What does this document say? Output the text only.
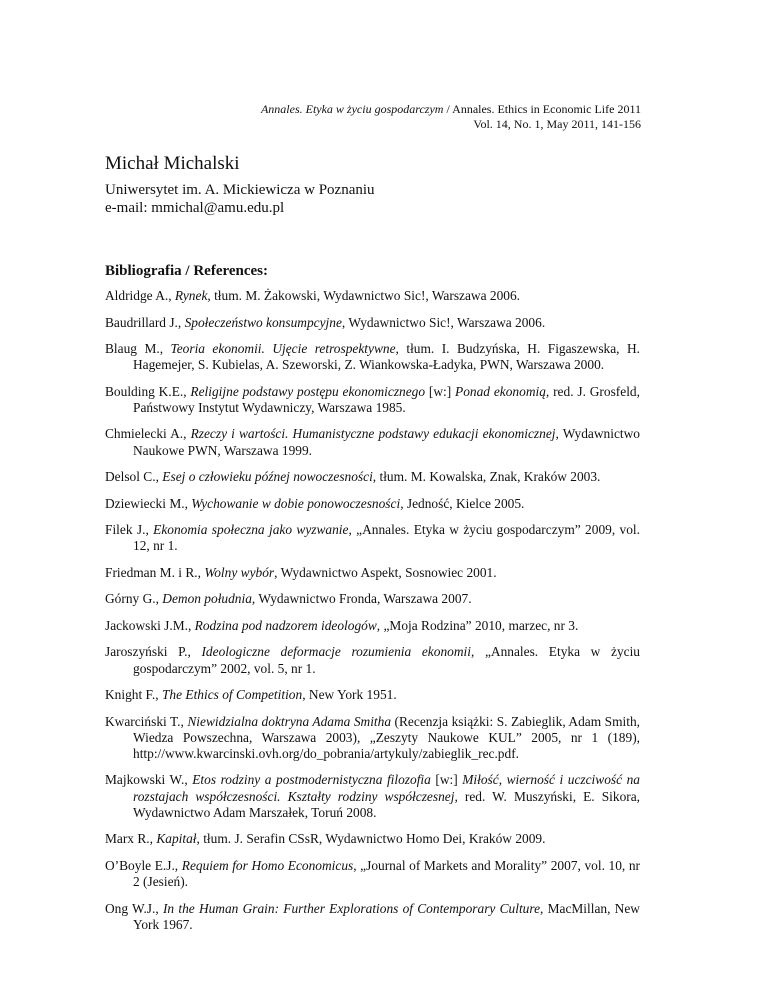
Annales. Etyka w życiu gospodarczym / Annales. Ethics in Economic Life 2011
Vol. 14, No. 1, May 2011, 141-156
Michał Michalski
Uniwersytet im. A. Mickiewicza w Poznaniu
e-mail: mmichal@amu.edu.pl
Bibliografia / References:
Aldridge A., Rynek, tłum. M. Żakowski, Wydawnictwo Sic!, Warszawa 2006.
Baudrillard J., Społeczeństwo konsumpcyjne, Wydawnictwo Sic!, Warszawa 2006.
Blaug M., Teoria ekonomii. Ujęcie retrospektywne, tłum. I. Budzyńska, H. Figaszewska, H. Hagemejer, S. Kubielas, A. Szeworski, Z. Wiankowska-Ładyka, PWN, Warszawa 2000.
Boulding K.E., Religijne podstawy postępu ekonomicznego [w:] Ponad ekonomią, red. J. Grosfeld, Państwowy Instytut Wydawniczy, Warszawa 1985.
Chmielecki A., Rzeczy i wartości. Humanistyczne podstawy edukacji ekonomicznej, Wydawnictwo Naukowe PWN, Warszawa 1999.
Delsol C., Esej o człowieku późnej nowoczesności, tłum. M. Kowalska, Znak, Kraków 2003.
Dziewiecki M., Wychowanie w dobie ponowoczesności, Jedność, Kielce 2005.
Filek J., Ekonomia społeczna jako wyzwanie, „Annales. Etyka w życiu gospodarczym” 2009, vol. 12, nr 1.
Friedman M. i R., Wolny wybór, Wydawnictwo Aspekt, Sosnowiec 2001.
Górny G., Demon południa, Wydawnictwo Fronda, Warszawa 2007.
Jackowski J.M., Rodzina pod nadzorem ideologów, „Moja Rodzina” 2010, marzec, nr 3.
Jaroszyński P., Ideologiczne deformacje rozumienia ekonomii, „Annales. Etyka w życiu gospodarczym” 2002, vol. 5, nr 1.
Knight F., The Ethics of Competition, New York 1951.
Kwarciński T., Niewidzialna doktryna Adama Smitha (Recenzja książki: S. Zabieglik, Adam Smith, Wiedza Powszechna, Warszawa 2003), „Zeszyty Naukowe KUL” 2005, nr 1 (189), http://www.kwarcinski.ovh.org/do_pobrania/artykuly/zabieglik_rec.pdf.
Majkowski W., Etos rodziny a postmodernistyczna filozofia [w:] Miłość, wierność i uczciwość na rozstajach współczesności. Kształty rodziny współczesnej, red. W. Muszyński, E. Sikora, Wydawnictwo Adam Marszałek, Toruń 2008.
Marx R., Kapitał, tłum. J. Serafin CSsR, Wydawnictwo Homo Dei, Kraków 2009.
O’Boyle E.J., Requiem for Homo Economicus, „Journal of Markets and Morality” 2007, vol. 10, nr 2 (Jesień).
Ong W.J., In the Human Grain: Further Explorations of Contemporary Culture, MacMillan, New York 1967.
